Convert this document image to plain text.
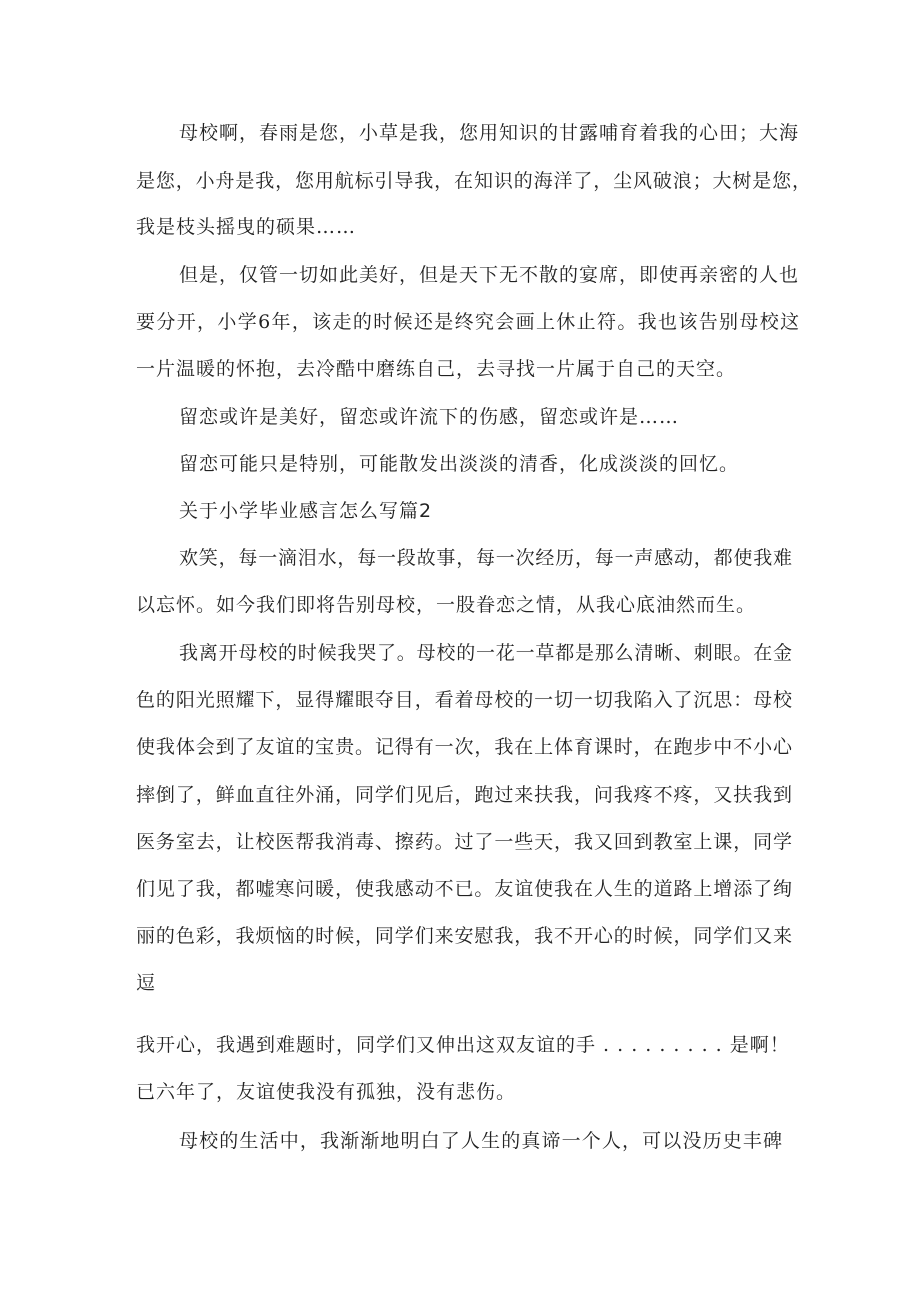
母校啊，春雨是您，小草是我，您用知识的甘露哺育着我的心田；大海
是您，小舟是我，您用航标引导我，在知识的海洋了，尘风破浪；大树是您，
我是枝头摇曳的硕果……
但是，仅管一切如此美好，但是天下无不散的宴席，即使再亲密的人也
要分开，小学6年，该走的时候还是终究会画上休止符。我也该告别母校这
一片温暖的怀抱，去冷酷中磨练自己，去寻找一片属于自己的天空。
留恋或许是美好，留恋或许流下的伤感，留恋或许是……
留恋可能只是特别，可能散发出淡淡的清香，化成淡淡的回忆。
关于小学毕业感言怎么写篇2
欢笑，每一滴泪水，每一段故事，每一次经历，每一声感动，都使我难
以忘怀。如今我们即将告别母校，一股眷恋之情，从我心底油然而生。
我离开母校的时候我哭了。母校的一花一草都是那么清晰、刺眼。在金
色的阳光照耀下，显得耀眼夺目，看着母校的一切一切我陷入了沉思：母校
使我体会到了友谊的宝贵。记得有一次，我在上体育课时，在跑步中不小心
摔倒了，鲜血直往外涌，同学们见后，跑过来扶我，问我疼不疼，又扶我到
医务室去，让校医帮我消毒、擦药。过了一些天，我又回到教室上课，同学
们见了我，都嘘寒问暖，使我感动不已。友谊使我在人生的道路上增添了绚
丽的色彩，我烦恼的时候，同学们来安慰我，我不开心的时候，同学们又来
逗
我开心，我遇到难题时，同学们又伸出这双友谊的手 . . . . . . . . . 是啊！
已六年了，友谊使我没有孤独，没有悲伤。
母校的生活中，我渐渐地明白了人生的真谛一个人，可以没历史丰碑
